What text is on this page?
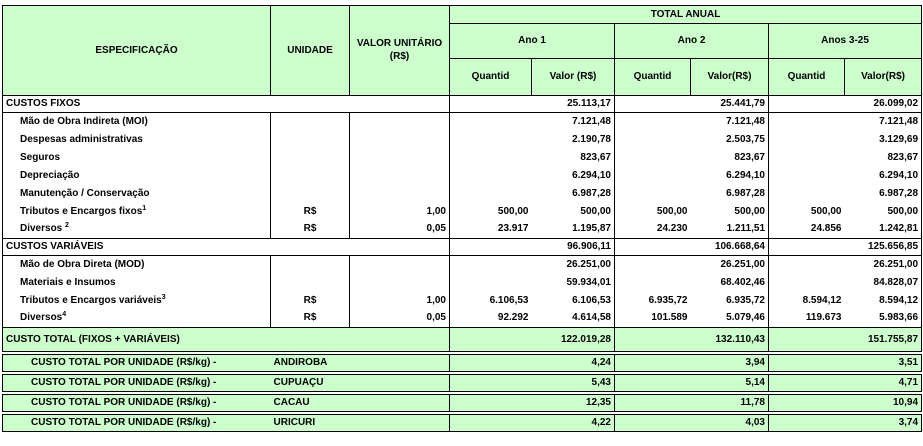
ESPECIFICAÇÃO	UNIDADE	VALOR UNITÁRIO (R$)	TOTAL ANUAL					
			Ano 1		Ano 2		Anos 3-25	
			Quantid	Valor (R$)	Quantid	Valor(R$)	Quantid	Valor(R$)
CUSTOS FIXOS				25.113,17		25.441,79		26.099,02
Mão de Obra Indireta (MOI)				7.121,48		7.121,48		7.121,48
Despesas administrativas				2.190,78		2.503,75		3.129,69
Seguros				823,67		823,67		823,67
Depreciação				6.294,10		6.294,10		6.294,10
Manutenção / Conservação				6.987,28		6.987,28		6.987,28
Tributos e Encargos fixos$^1$	R$	1,00	500,00	500,00	500,00	500,00	500,00	500,00
Diversos $^2$	R$	0,05	23.917	1.195,87	24.230	1.211,51	24.856	1.242,81
CUSTOS VARIÁVEIS				96.906,11		106.668,64		125.656,85
Mão de Obra Direta (MOD)				26.251,00		26.251,00		26.251,00
Materiais e Insumos				59.934,01		68.402,46		84.828,07
Tributos e Encargos variáveis$^3$	R$	1,00	6.106,53	6.106,53	6.935,72	6.935,72	8.594,12	8.594,12
Diversos$^4$	R$	0,05	92.292	4.614,58	101.589	5.079,46	119.673	5.983,66
CUSTO TOTAL (FIXOS + VARIÁVEIS)				122.019,28		132.110,43		151.755,87

CUSTO TOTAL POR UNIDADE (R$/kg) -	ANDIROBA			4,24		3,94		3,51

CUSTO TOTAL POR UNIDADE (R$/kg) -	CUPUAÇU			5,43		5,14		4,71

CUSTO TOTAL POR UNIDADE (R$/kg) -	CACAU			12,35		11,78		10,94

CUSTO TOTAL POR UNIDADE (R$/kg) -	URICURI			4,22		4,03		3,74
